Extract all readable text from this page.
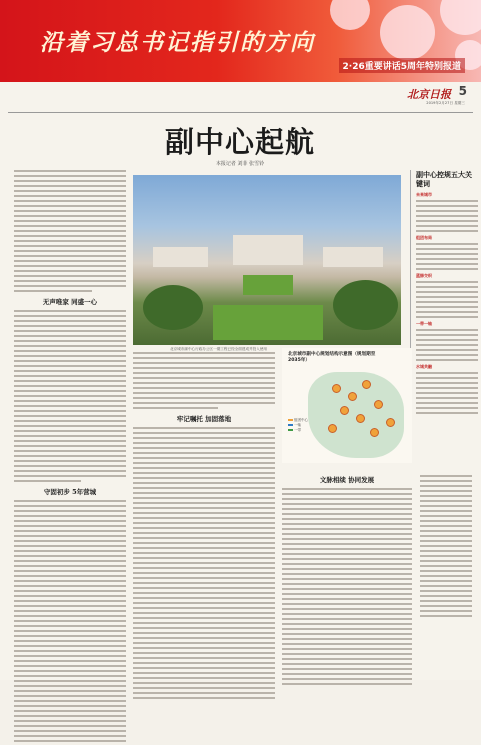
沿着习总书记指引的方向
2·26重要讲话5周年特别报道
北京日报 5
2019年2月27日 星期三
副中心起航
本报记者 刘菲 张雪铃
北京城市副中心行政办公区一期工程已经全面建成并投入使用
无声唯家 同盛一心
守固初步 5年营城
副中心控规五大关键词
未来城市
组团布局
蓝绿交织
一带一轴
水城共融
牢记嘱托 加固落地
北京城市副中心规划结构示意图（规划期至2035年）
组团中心
一轴
一带
文脉相续 协同发展
